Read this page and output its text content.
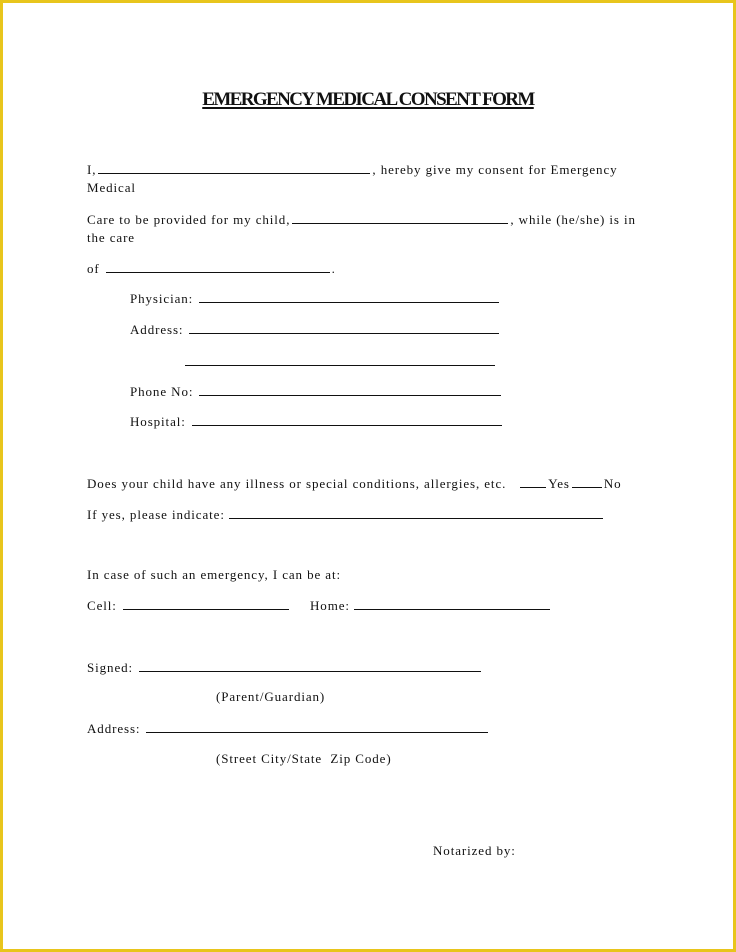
EMERGENCY MEDICAL CONSENT FORM
I,	, hereby give my consent for Emergency
Medical
Care to be provided for my child,	, while (he/she) is in
the care
of	.
Physician:
Address:
Phone No:
Hospital:
Does your child have any illness or special conditions, allergies, etc.	Yes	No
If yes, please indicate:
In case of such an emergency, I can be at:
Cell:	Home:
Signed:
(Parent/Guardian)
Address:
(Street City/State  Zip Code)
Notarized by:
